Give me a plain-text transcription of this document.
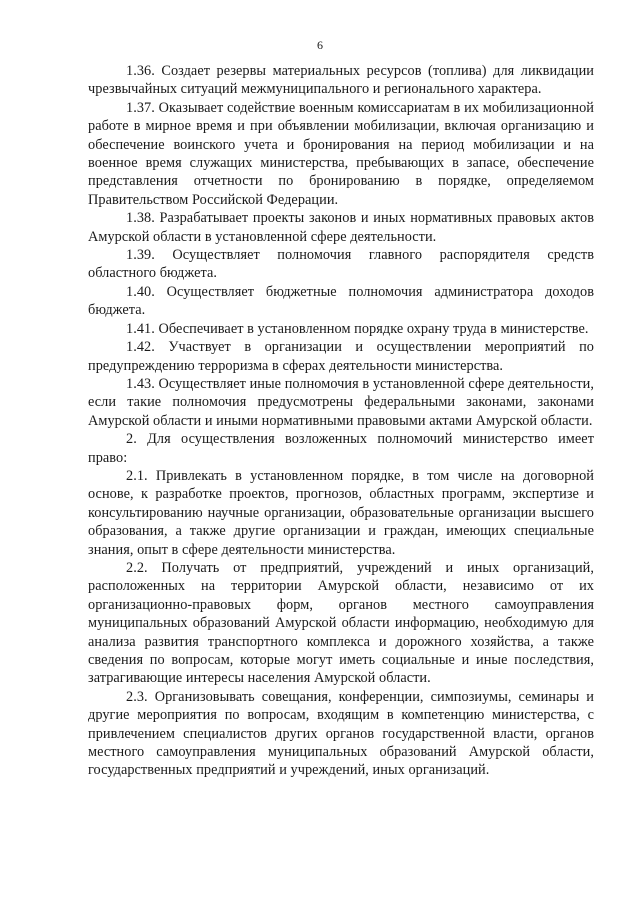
6

1.36. Создает резервы материальных ресурсов (топлива) для ликвидации чрезвычайных ситуаций межмуниципального и регионального характера.

1.37. Оказывает содействие военным комиссариатам в их мобилизационной работе в мирное время и при объявлении мобилизации, включая организацию и обеспечение воинского учета и бронирования на период мобилизации и на военное время служащих министерства, пребывающих в запасе, обеспечение представления отчетности по бронированию в порядке, определяемом Правительством Российской Федерации.

1.38. Разрабатывает проекты законов и иных нормативных правовых актов Амурской области в установленной сфере деятельности.

1.39. Осуществляет полномочия главного распорядителя средств областного бюджета.

1.40. Осуществляет бюджетные полномочия администратора доходов бюджета.

1.41. Обеспечивает в установленном порядке охрану труда в министерстве.

1.42. Участвует в организации и осуществлении мероприятий по предупреждению терроризма в сферах деятельности министерства.

1.43. Осуществляет иные полномочия в установленной сфере деятельности, если такие полномочия предусмотрены федеральными законами, законами Амурской области и иными нормативными правовыми актами Амурской области.

2. Для осуществления возложенных полномочий министерство имеет право:

2.1. Привлекать в установленном порядке, в том числе на договорной основе, к разработке проектов, прогнозов, областных программ, экспертизе и консультированию научные организации, образовательные организации высшего образования, а также другие организации и граждан, имеющих специальные знания, опыт в сфере деятельности министерства.

2.2. Получать от предприятий, учреждений и иных организаций, расположенных на территории Амурской области, независимо от их организационно-правовых форм, органов местного самоуправления муниципальных образований Амурской области информацию, необходимую для анализа развития транспортного комплекса и дорожного хозяйства, а также сведения по вопросам, которые могут иметь социальные и иные последствия, затрагивающие интересы населения Амурской области.

2.3. Организовывать совещания, конференции, симпозиумы, семинары и другие мероприятия по вопросам, входящим в компетенцию министерства, с привлечением специалистов других органов государственной власти, органов местного самоуправления муниципальных образований Амурской области, государственных предприятий и учреждений, иных организаций.
